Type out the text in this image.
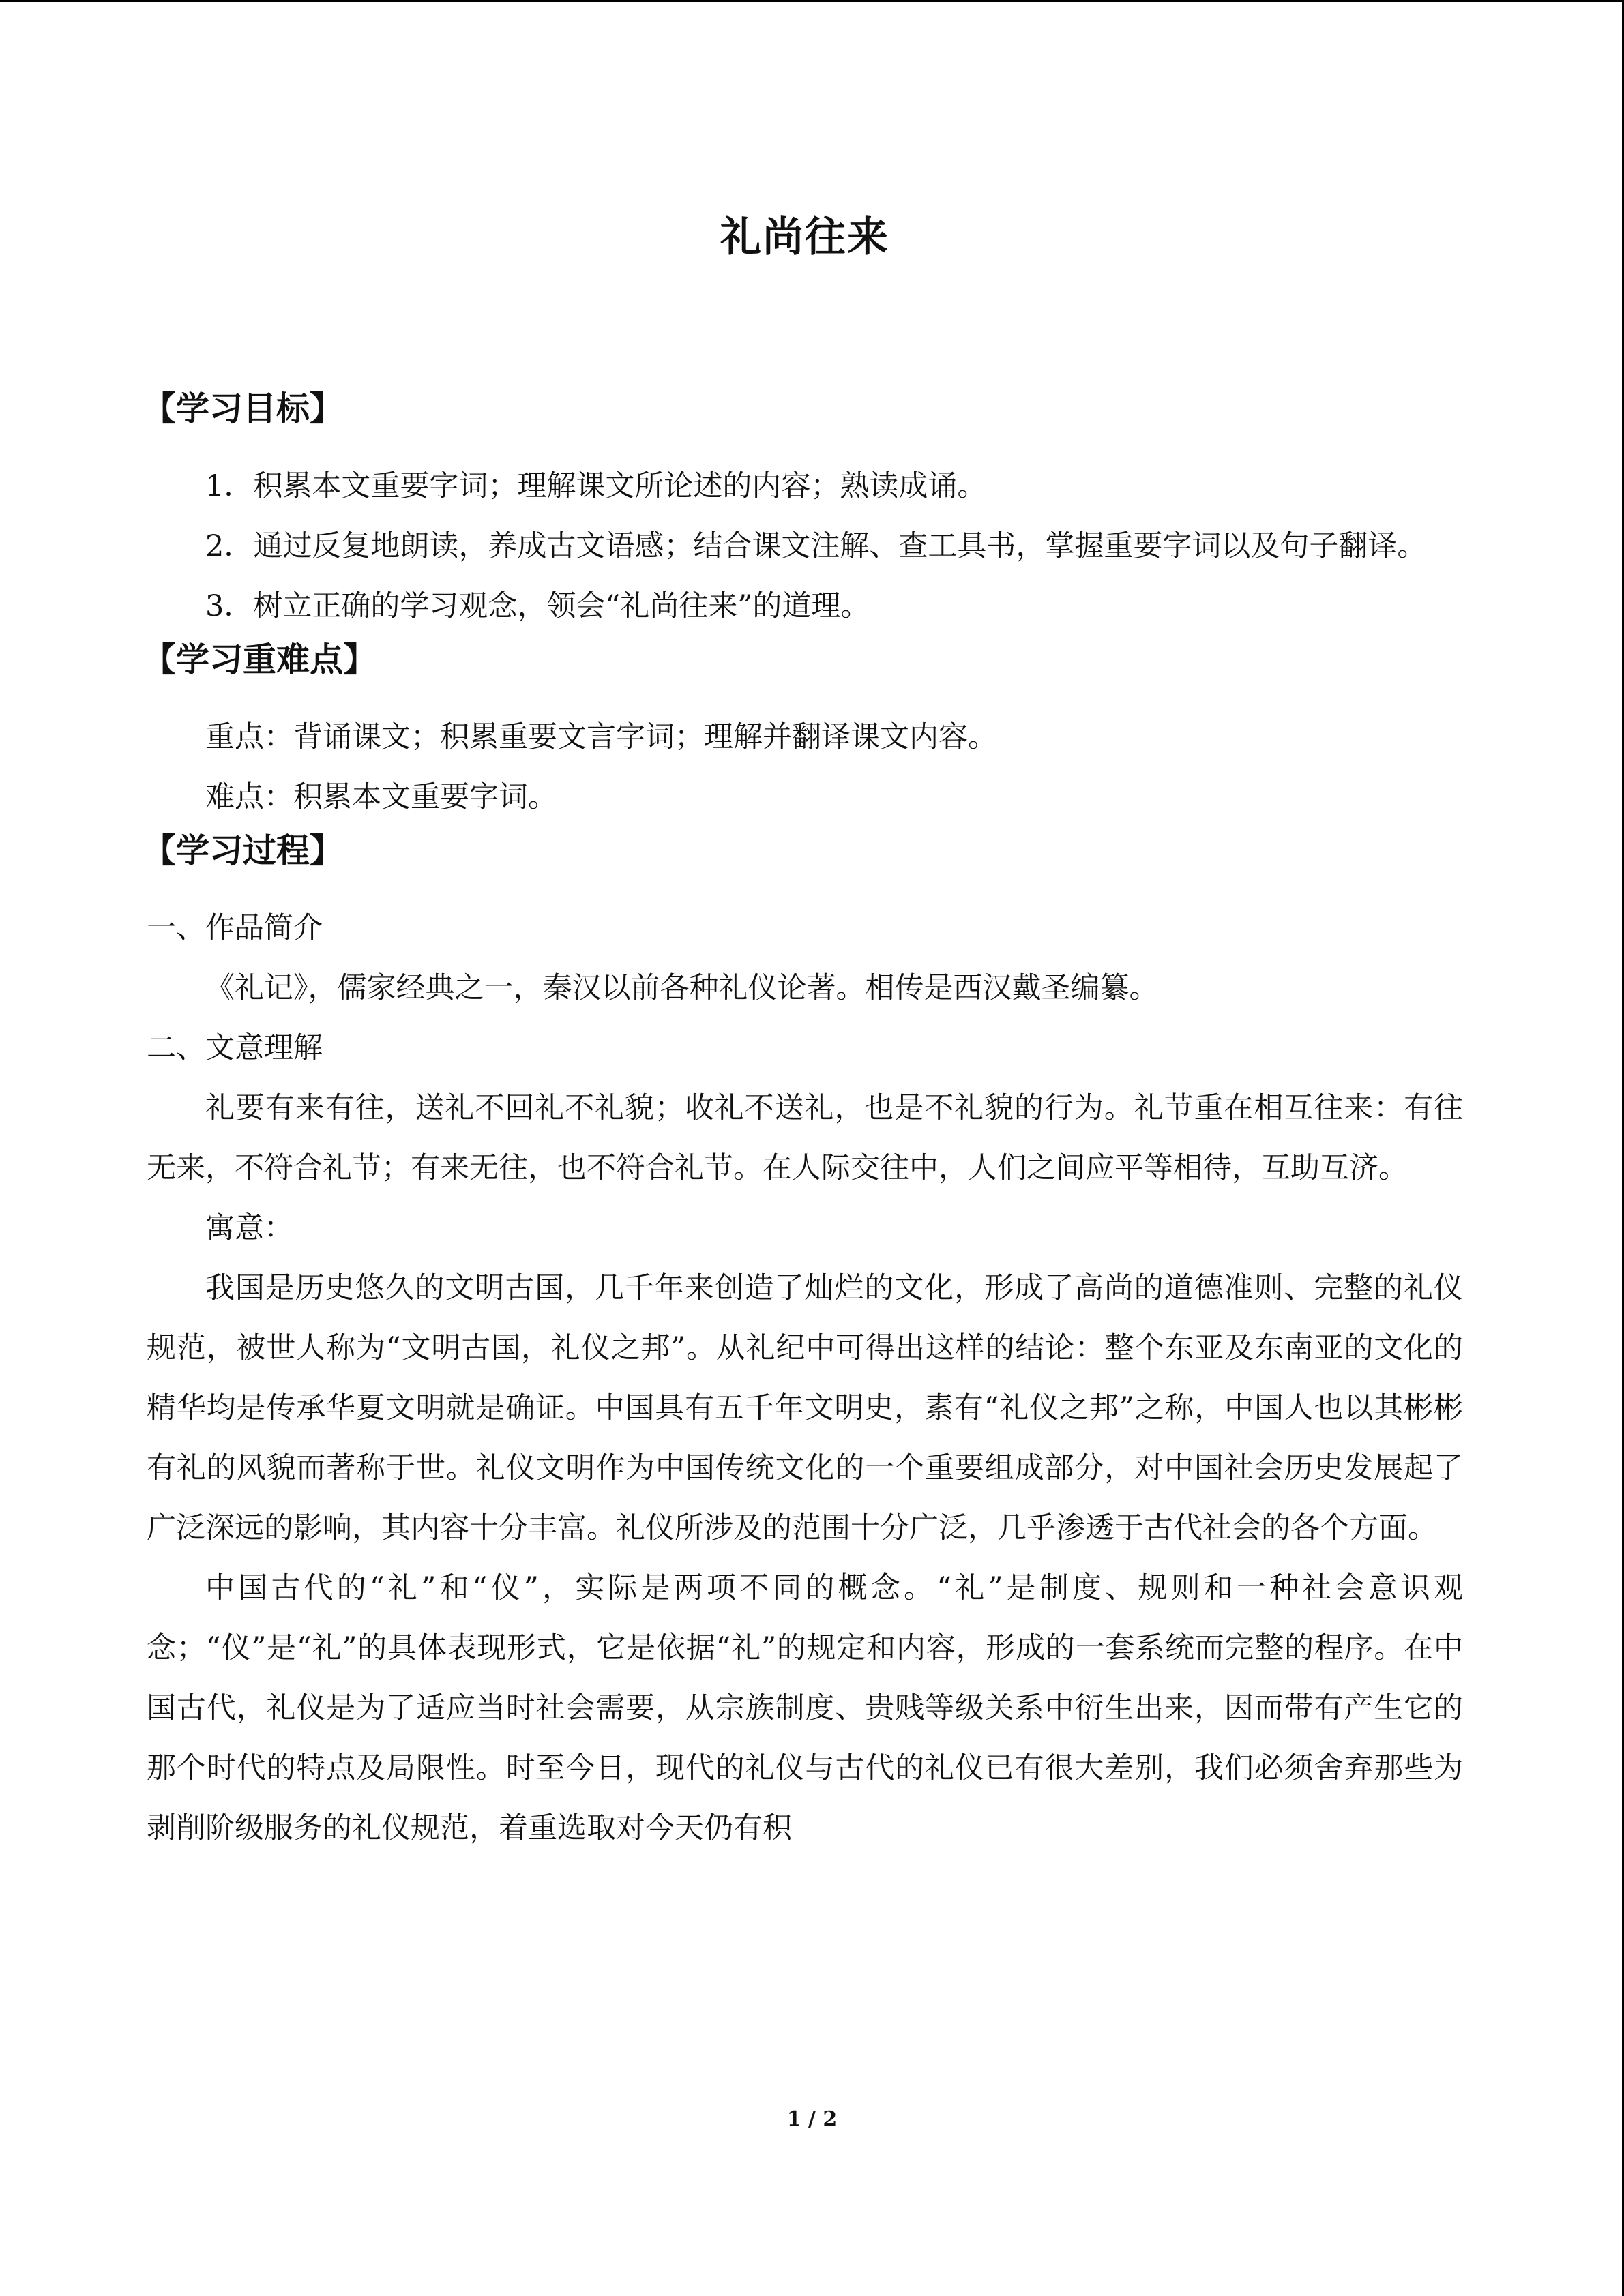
礼尚往来
【学习目标】

1．积累本文重要字词；理解课文所论述的内容；熟读成诵。

2．通过反复地朗读，养成古文语感；结合课文注解、查工具书，掌握重要字词以及句子翻译。

3．树立正确的学习观念，领会“礼尚往来”的道理。

【学习重难点】

重点：背诵课文；积累重要文言字词；理解并翻译课文内容。

难点：积累本文重要字词。

【学习过程】

一、作品简介

《礼记》，儒家经典之一，秦汉以前各种礼仪论著。相传是西汉戴圣编纂。

二、文意理解

礼要有来有往，送礼不回礼不礼貌；收礼不送礼，也是不礼貌的行为。礼节重在相互往来：有往无来，不符合礼节；有来无往，也不符合礼节。在人际交往中，人们之间应平等相待，互助互济。

寓意：

我国是历史悠久的文明古国，几千年来创造了灿烂的文化，形成了高尚的道德准则、完整的礼仪规范，被世人称为“文明古国，礼仪之邦”。从礼纪中可得出这样的结论：整个东亚及东南亚的文化的精华均是传承华夏文明就是确证。中国具有五千年文明史，素有“礼仪之邦”之称，中国人也以其彬彬有礼的风貌而著称于世。礼仪文明作为中国传统文化的一个重要组成部分，对中国社会历史发展起了广泛深远的影响，其内容十分丰富。礼仪所涉及的范围十分广泛，几乎渗透于古代社会的各个方面。

中国古代的“礼”和“仪”，实际是两项不同的概念。“礼”是制度、规则和一种社会意识观念；“仪”是“礼”的具体表现形式，它是依据“礼”的规定和内容，形成的一套系统而完整的程序。在中国古代，礼仪是为了适应当时社会需要，从宗族制度、贵贱等级关系中衍生出来，因而带有产生它的那个时代的特点及局限性。时至今日，现代的礼仪与古代的礼仪已有很大差别，我们必须舍弃那些为剥削阶级服务的礼仪规范，着重选取对今天仍有积

1 / 2
